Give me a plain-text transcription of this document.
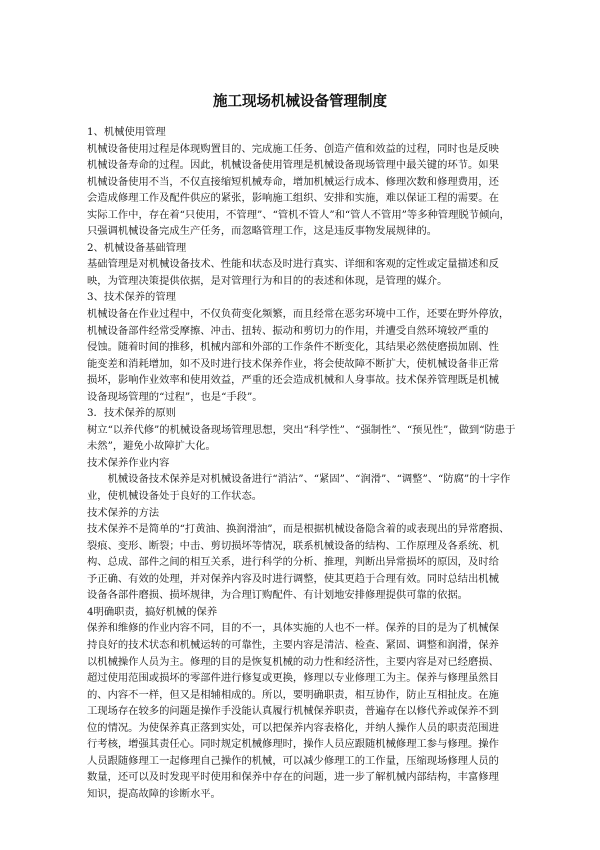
施工现场机械设备管理制度
1、机械使用管理
机械设备使用过程是体现购置目的、完成施工任务、创造产值和效益的过程，同时也是反映
机械设备寿命的过程。因此，机械设备使用管理是机械设备现场管理中最关键的环节。如果
机械设备使用不当，不仅直接缩短机械寿命，增加机械运行成本、修理次数和修理费用，还
会造成修理工作及配件供应的紧张，影响施工组织、安排和实施，难以保证工程的需要。在
实际工作中，存在着“只使用，不管理”、“管机不管人”和“管人不管用”等多种管理脱节倾向，
只强调机械设备完成生产任务，而忽略管理工作，这是违反事物发展规律的。
2、机械设备基础管理
基础管理是对机械设备技术、性能和状态及时进行真实、详细和客观的定性或定量描述和反
映，为管理决策提供依据，是对管理行为和目的的表述和体现，是管理的媒介。
3、技术保养的管理
机械设备在作业过程中，不仅负荷变化频繁，而且经常在恶劣环境中工作，还要在野外停放，
机械设备部件经常受摩擦、冲击、扭转、振动和剪切力的作用，并遭受自然环境较严重的
侵蚀。随着时间的推移，机械内部和外部的工作条件不断变化，其结果必然使磨损加剧、性
能变差和消耗增加，如不及时进行技术保养作业，将会使故障不断扩大，使机械设备非正常
损坏，影响作业效率和使用效益，严重的还会造成机械和人身事故。技术保养管理既是机械
设备现场管理的“过程”，也是“手段”。
3．技术保养的原则
树立“以养代修”的机械设备现场管理思想，突出“科学性”、“强制性”、“预见性”，做到“防患于
未然”，避免小故障扩大化。
技术保养作业内容
　　机械设备技术保养是对机械设备进行“消沾”、“紧固”、“润滑”、“调整”、“防腐”的十字作
业，使机械设备处于良好的工作状态。
技术保养的方法
技术保养不是简单的“打黄油、换润滑油”，而是根据机械设备隐含着的或表现出的异常磨损、
裂痕、变形、断裂；中击、剪切损坏等情况，联系机械设备的结构、工作原理及各系统、机
构、总成、部件之间的相互关系，进行科学的分析、推理，判断出异常损坏的原因，及时给
予正确、有效的处理，并对保养内容及时进行调整，使其更趋于合理有效。同时总结出机械
设备各部件磨损、损坏规律，为合理订购配件、有计划地安排修理提供可靠的依据。
4明确职责，搞好机械的保养
保养和维修的作业内容不同，目的不一，具体实施的人也不一样。保养的目的是为了机械保
持良好的技术状态和机械运转的可靠性，主要内容是清洁、检查、紧固、调整和润滑，保养
以机械操作人员为主。修理的目的是恢复机械的动力性和经济性，主要内容是对已经磨损、
超过使用范围或损坏的零部件进行修复或更换，修理以专业修理工为主。保养与修理虽然目
的、内容不一样，但又是相辅相成的。所以，要明确职责，相互协作，防止互相扯皮。在施
工现场存在较多的问题是操作手没能认真履行机械保养职责，普遍存在以修代养或保养不到
位的情况。为使保养真正落到实处，可以把保养内容表格化，并纳人操作人员的职责范围进
行考核，增强其责任心。同时规定机械修理时，操作人员应跟随机械修理工参与修理。操作
人员跟随修理工一起修理自己操作的机械，可以减少修理工的工作量，压缩现场修理人员的
数量，还可以及时发现平时使用和保养中存在的问题，进一步了解机械内部结构，丰富修理
知识，提高故障的诊断水平。
